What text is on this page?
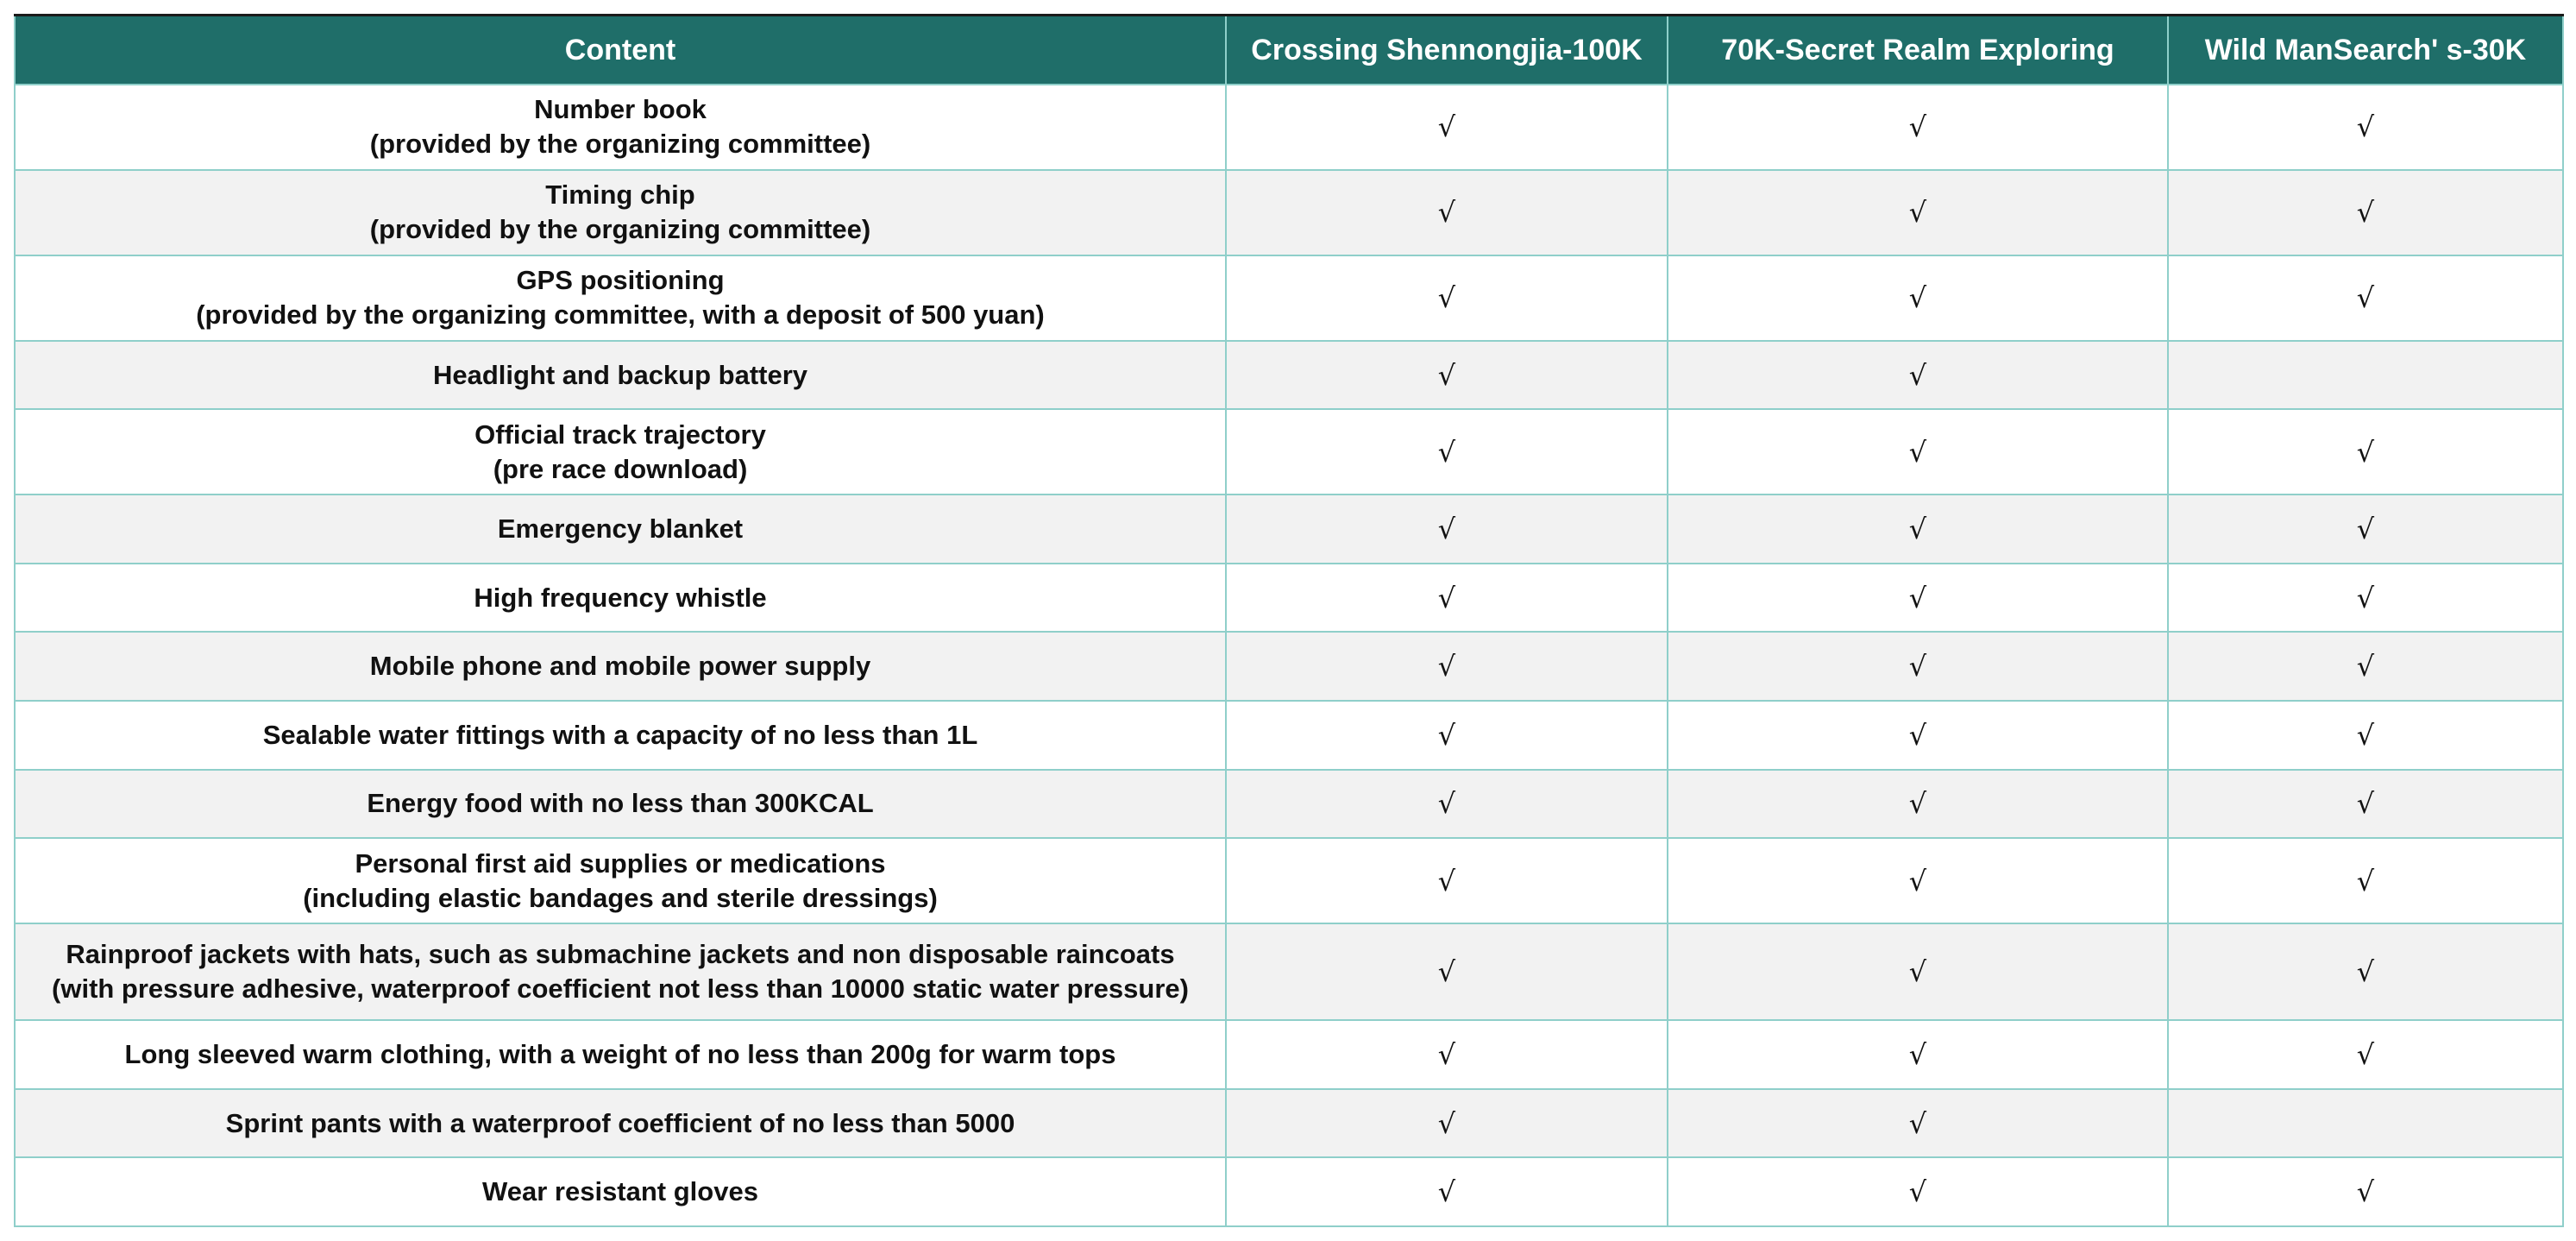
Content	Crossing Shennongjia-100K	70K-Secret Realm Exploring	Wild ManSearch' s-30K

Number book
(provided by the organizing committee)	√	√	√

Timing chip
(provided by the organizing committee)	√	√	√

GPS positioning
(provided by the organizing committee, with a deposit of 500 yuan)	√	√	√

Headlight and backup battery	√	√	

Official track trajectory
(pre race download)	√	√	√

Emergency blanket	√	√	√

High frequency whistle	√	√	√

Mobile phone and mobile power supply	√	√	√

Sealable water fittings with a capacity of no less than 1L	√	√	√

Energy food with no less than 300KCAL	√	√	√

Personal first aid supplies or medications
(including elastic bandages and sterile dressings)	√	√	√

Rainproof jackets with hats, such as submachine jackets and non disposable raincoats
(with pressure adhesive, waterproof coefficient not less than 10000 static water pressure)	√	√	√

Long sleeved warm clothing, with a weight of no less than 200g for warm tops	√	√	√

Sprint pants with a waterproof coefficient of no less than 5000	√	√	

Wear resistant gloves	√	√	√
